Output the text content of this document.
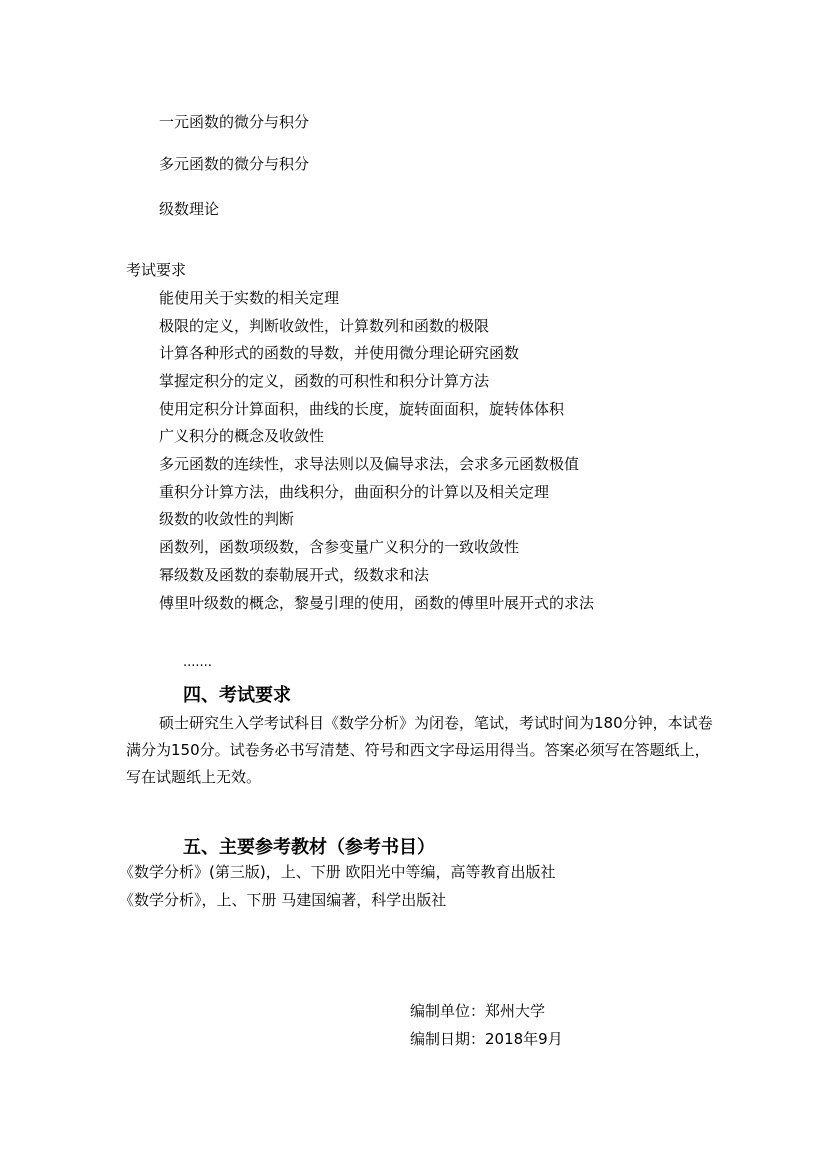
一元函数的微分与积分

多元函数的微分与积分

级数理论

考试要求

能使用关于实数的相关定理

极限的定义，判断收敛性，计算数列和函数的极限

计算各种形式的函数的导数，并使用微分理论研究函数

掌握定积分的定义，函数的可积性和积分计算方法

使用定积分计算面积，曲线的长度，旋转面面积，旋转体体积

广义积分的概念及收敛性

多元函数的连续性，求导法则以及偏导求法，会求多元函数极值

重积分计算方法，曲线积分，曲面积分的计算以及相关定理

级数的收敛性的判断

函数列，函数项级数，含参变量广义积分的一致收敛性

幂级数及函数的泰勒展开式，级数求和法

傅里叶级数的概念，黎曼引理的使用，函数的傅里叶展开式的求法

.......

四、考试要求

硕士研究生入学考试科目《数学分析》为闭卷，笔试，考试时间为180分钟，本试卷满分为150分。试卷务必书写清楚、符号和西文字母运用得当。答案必须写在答题纸上，写在试题纸上无效。

五、主要参考教材（参考书目）

《数学分析》(第三版)，上、下册 欧阳光中等编，高等教育出版社

《数学分析》，上、下册 马建国编著，科学出版社

编制单位：郑州大学

编制日期：2018年9月
